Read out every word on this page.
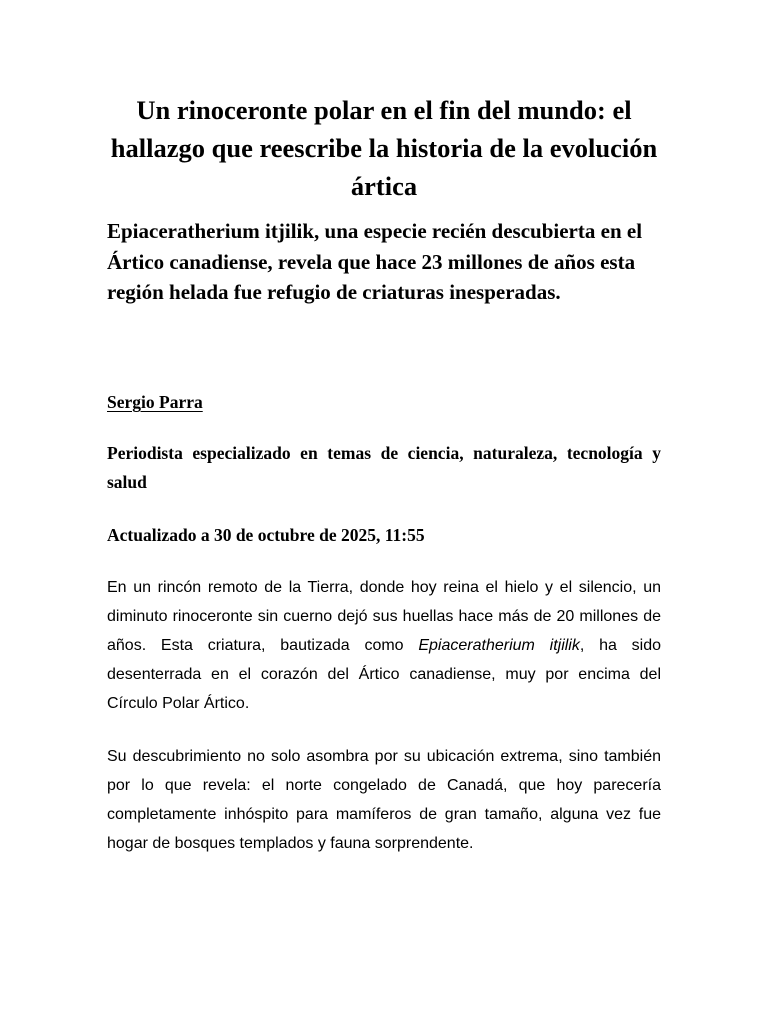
Un rinoceronte polar en el fin del mundo: el hallazgo que reescribe la historia de la evolución ártica
Epiaceratherium itjilik, una especie recién descubierta en el Ártico canadiense, revela que hace 23 millones de años esta región helada fue refugio de criaturas inesperadas.

Sergio Parra

Periodista especializado en temas de ciencia, naturaleza, tecnología y salud

Actualizado a 30 de octubre de 2025, 11:55

En un rincón remoto de la Tierra, donde hoy reina el hielo y el silencio, un diminuto rinoceronte sin cuerno dejó sus huellas hace más de 20 millones de años. Esta criatura, bautizada como Epiaceratherium itjilik, ha sido desenterrada en el corazón del Ártico canadiense, muy por encima del Círculo Polar Ártico.

Su descubrimiento no solo asombra por su ubicación extrema, sino también por lo que revela: el norte congelado de Canadá, que hoy parecería completamente inhóspito para mamíferos de gran tamaño, alguna vez fue hogar de bosques templados y fauna sorprendente.
